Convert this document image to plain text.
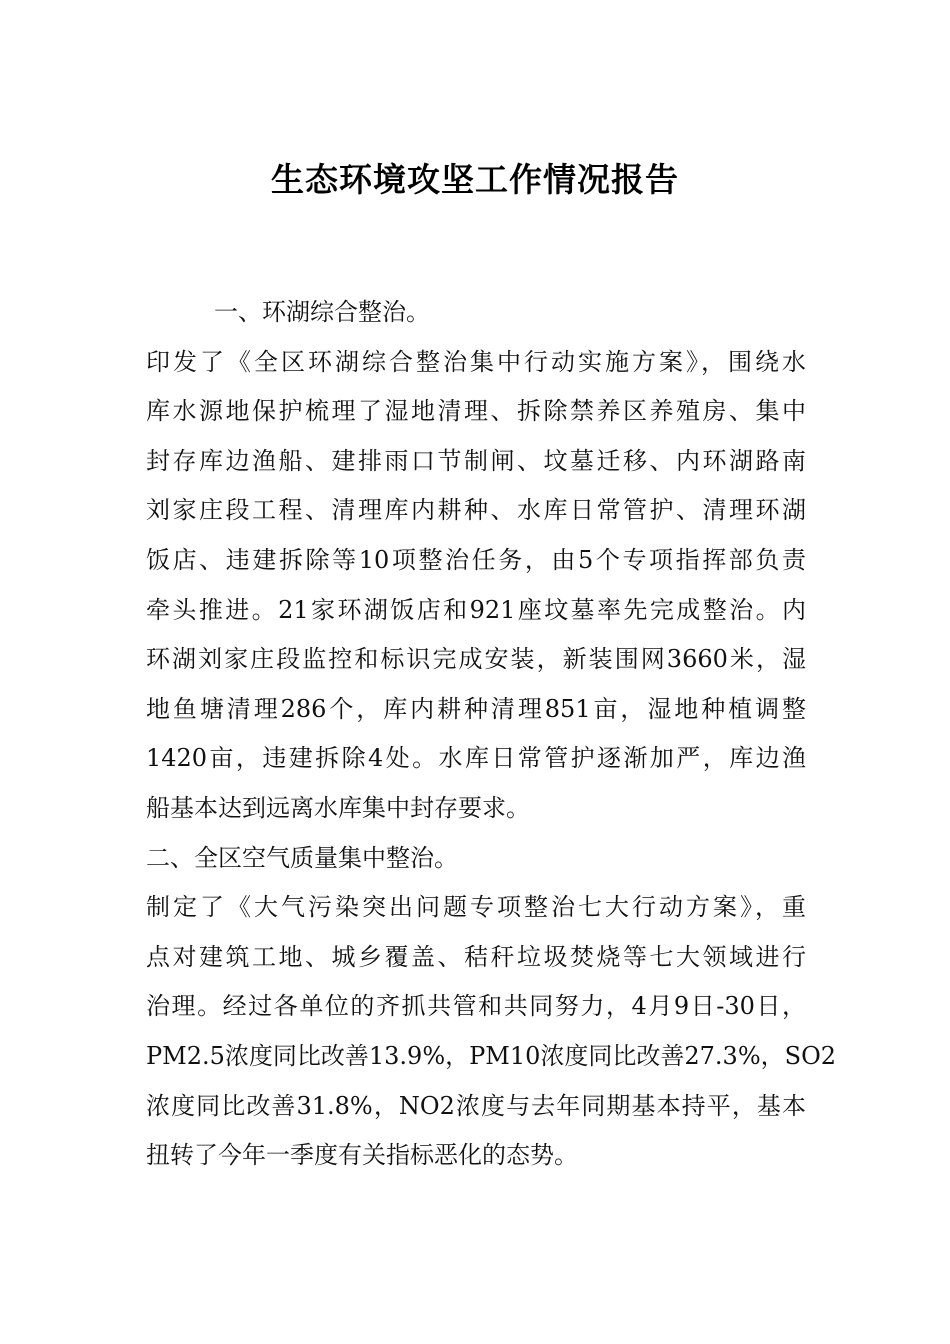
生态环境攻坚工作情况报告
一、环湖综合整治。
印发了《全区环湖综合整治集中行动实施方案》，围绕水
库水源地保护梳理了湿地清理、拆除禁养区养殖房、集中
封存库边渔船、建排雨口节制闸、坟墓迁移、内环湖路南
刘家庄段工程、清理库内耕种、水库日常管护、清理环湖
饭店、违建拆除等10项整治任务，由5个专项指挥部负责
牵头推进。21家环湖饭店和921座坟墓率先完成整治。内
环湖刘家庄段监控和标识完成安装，新装围网3660米，湿
地鱼塘清理286个，库内耕种清理851亩，湿地种植调整
1420亩，违建拆除4处。水库日常管护逐渐加严，库边渔
船基本达到远离水库集中封存要求。
二、全区空气质量集中整治。
制定了《大气污染突出问题专项整治七大行动方案》，重
点对建筑工地、城乡覆盖、秸秆垃圾焚烧等七大领域进行
治理。经过各单位的齐抓共管和共同努力，4月9日-30日，
PM2.5浓度同比改善13.9%，PM10浓度同比改善27.3%，SO2
浓度同比改善31.8%，NO2浓度与去年同期基本持平，基本
扭转了今年一季度有关指标恶化的态势。
